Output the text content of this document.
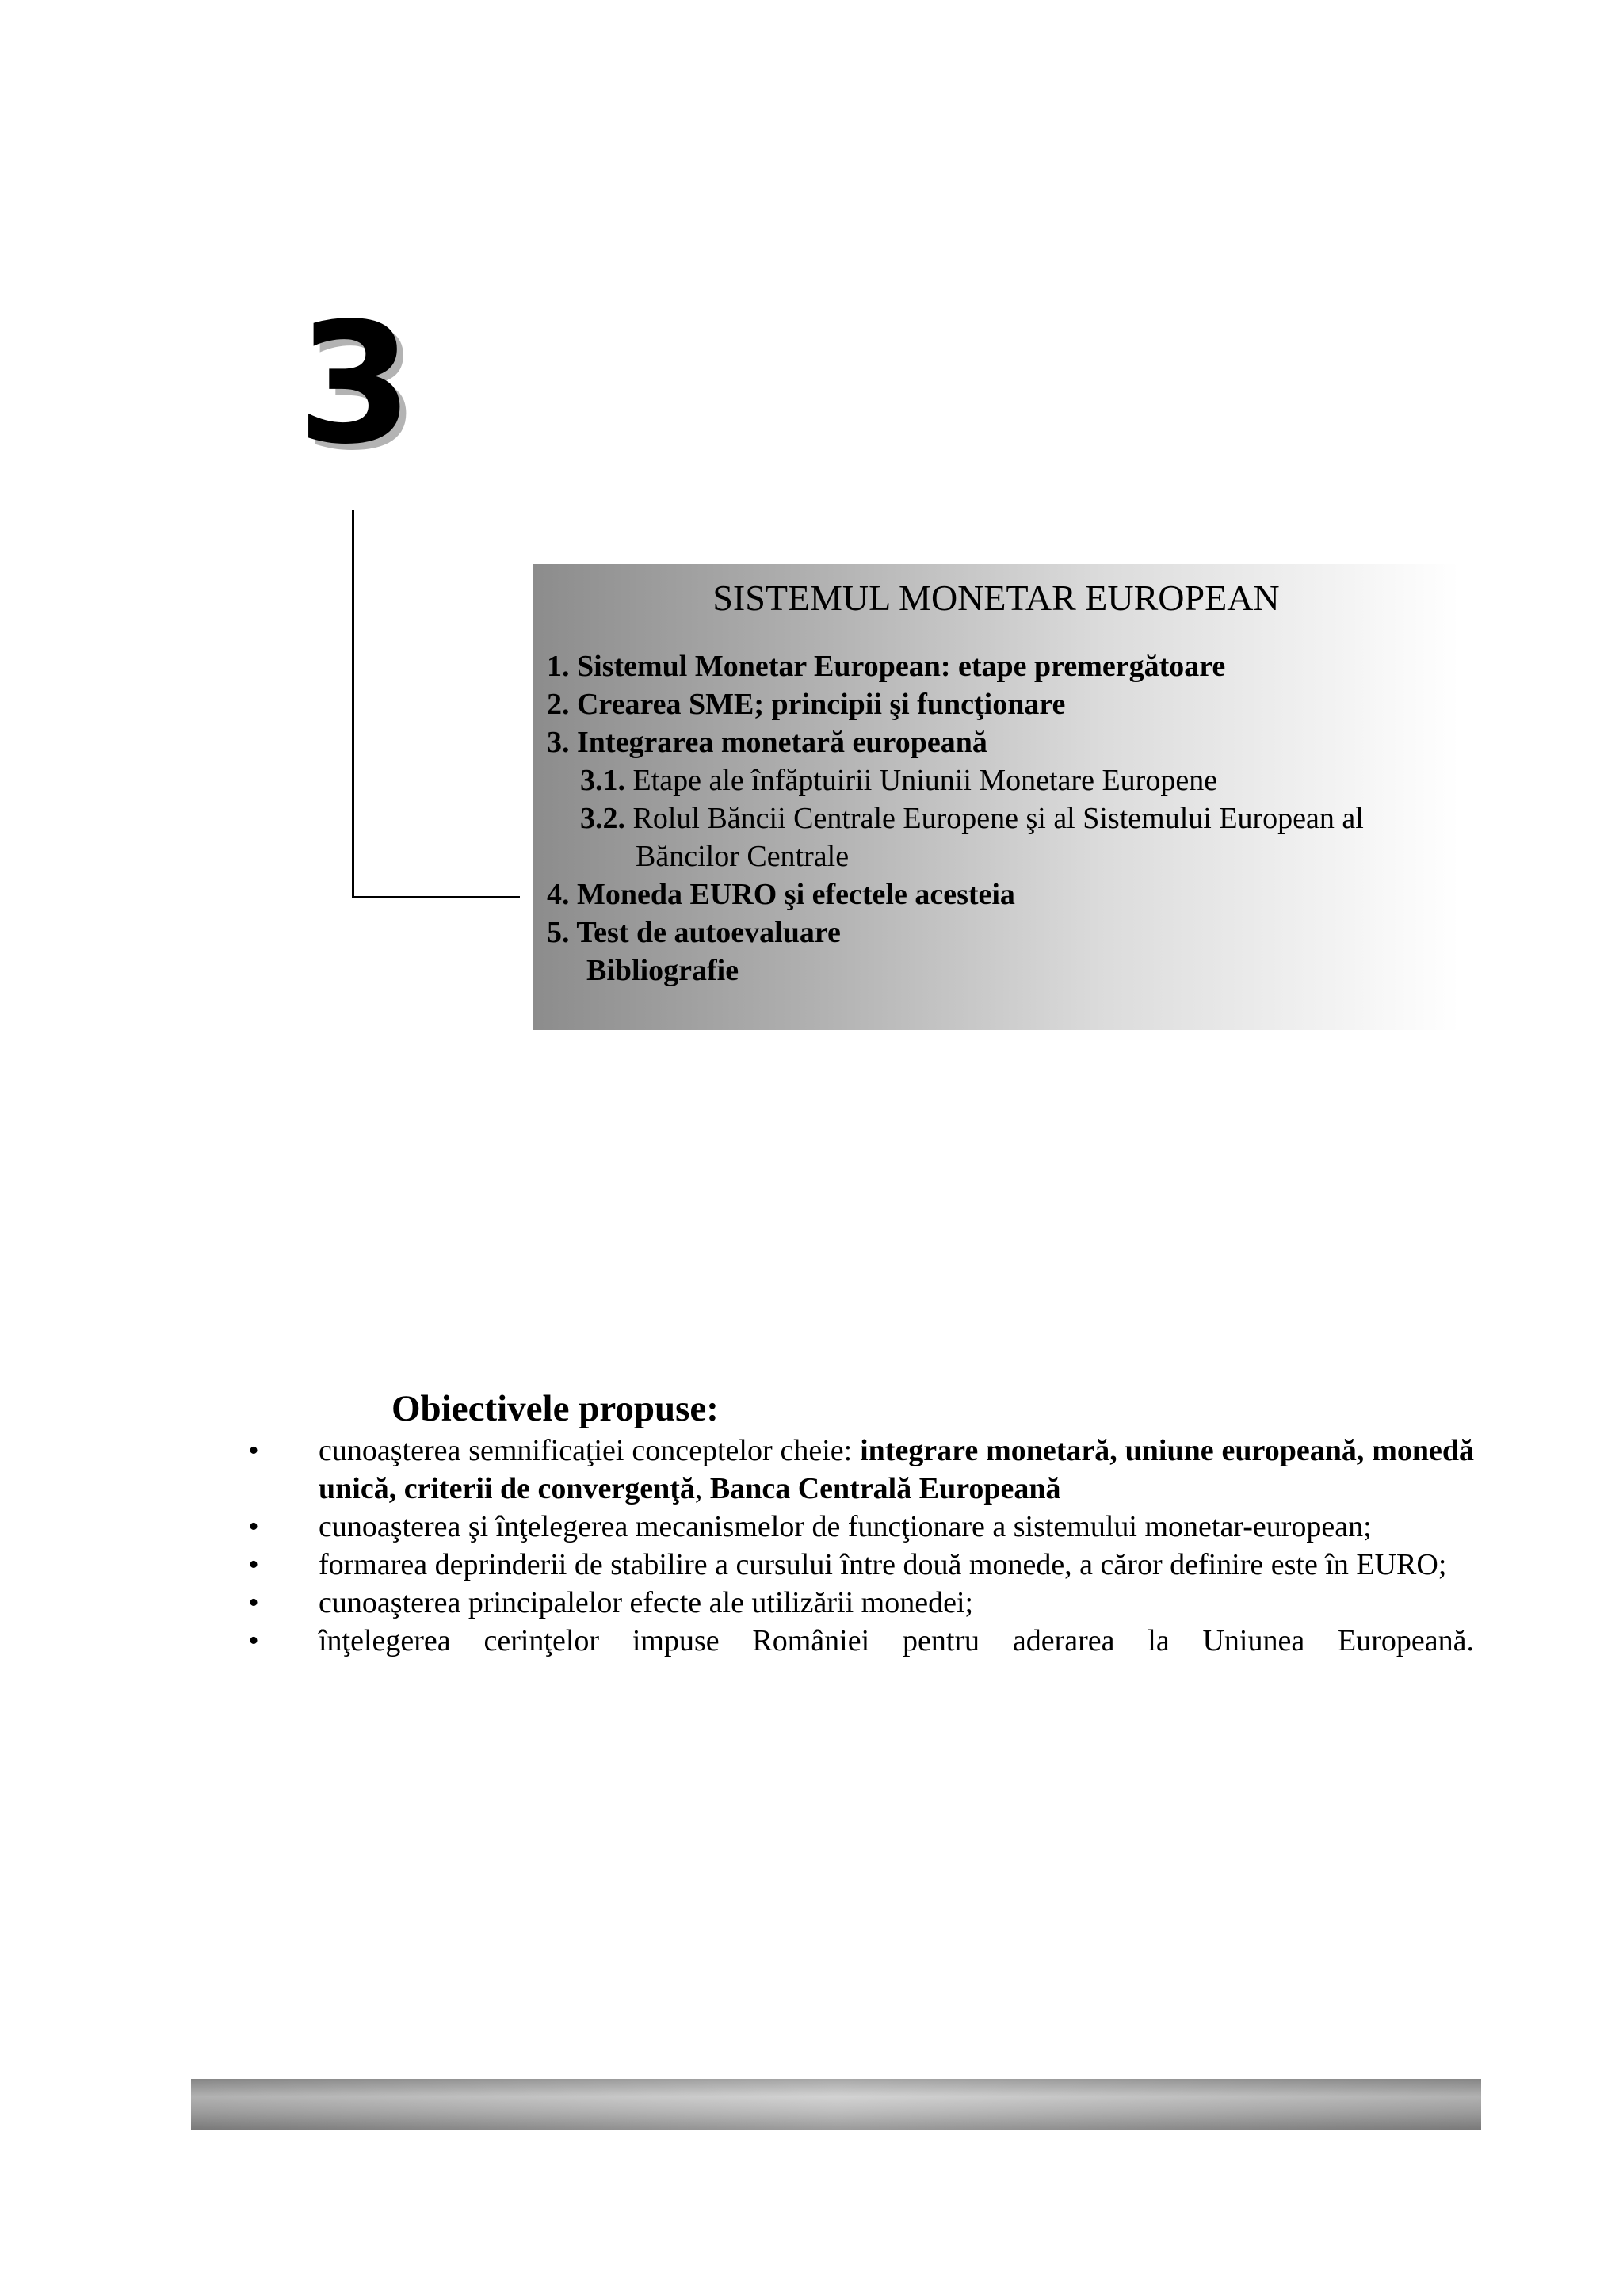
3
SISTEMUL MONETAR EUROPEAN
1. Sistemul Monetar European: etape premergătoare
2. Crearea SME; principii şi funcţionare
3. Integrarea monetară europeană
3.1. Etape ale înfăptuirii Uniunii Monetare Europene
3.2. Rolul Băncii Centrale Europene şi al Sistemului European al
Băncilor Centrale
4. Moneda EURO şi efectele acesteia
5. Test de autoevaluare
Bibliografie
Obiectivele propuse:
•	cunoaşterea semnificaţiei conceptelor cheie: integrare monetară, uniune europeană, monedă unică, criterii de convergenţă, Banca Centrală Europeană
•	cunoaşterea şi înţelegerea mecanismelor de funcţionare a sistemului monetar-european;
•	formarea deprinderii de stabilire a cursului între două monede, a căror definire este în EURO;
•	cunoaşterea principalelor efecte ale utilizării monedei;
•	înţelegerea cerinţelor impuse României pentru aderarea la Uniunea Europeană.
